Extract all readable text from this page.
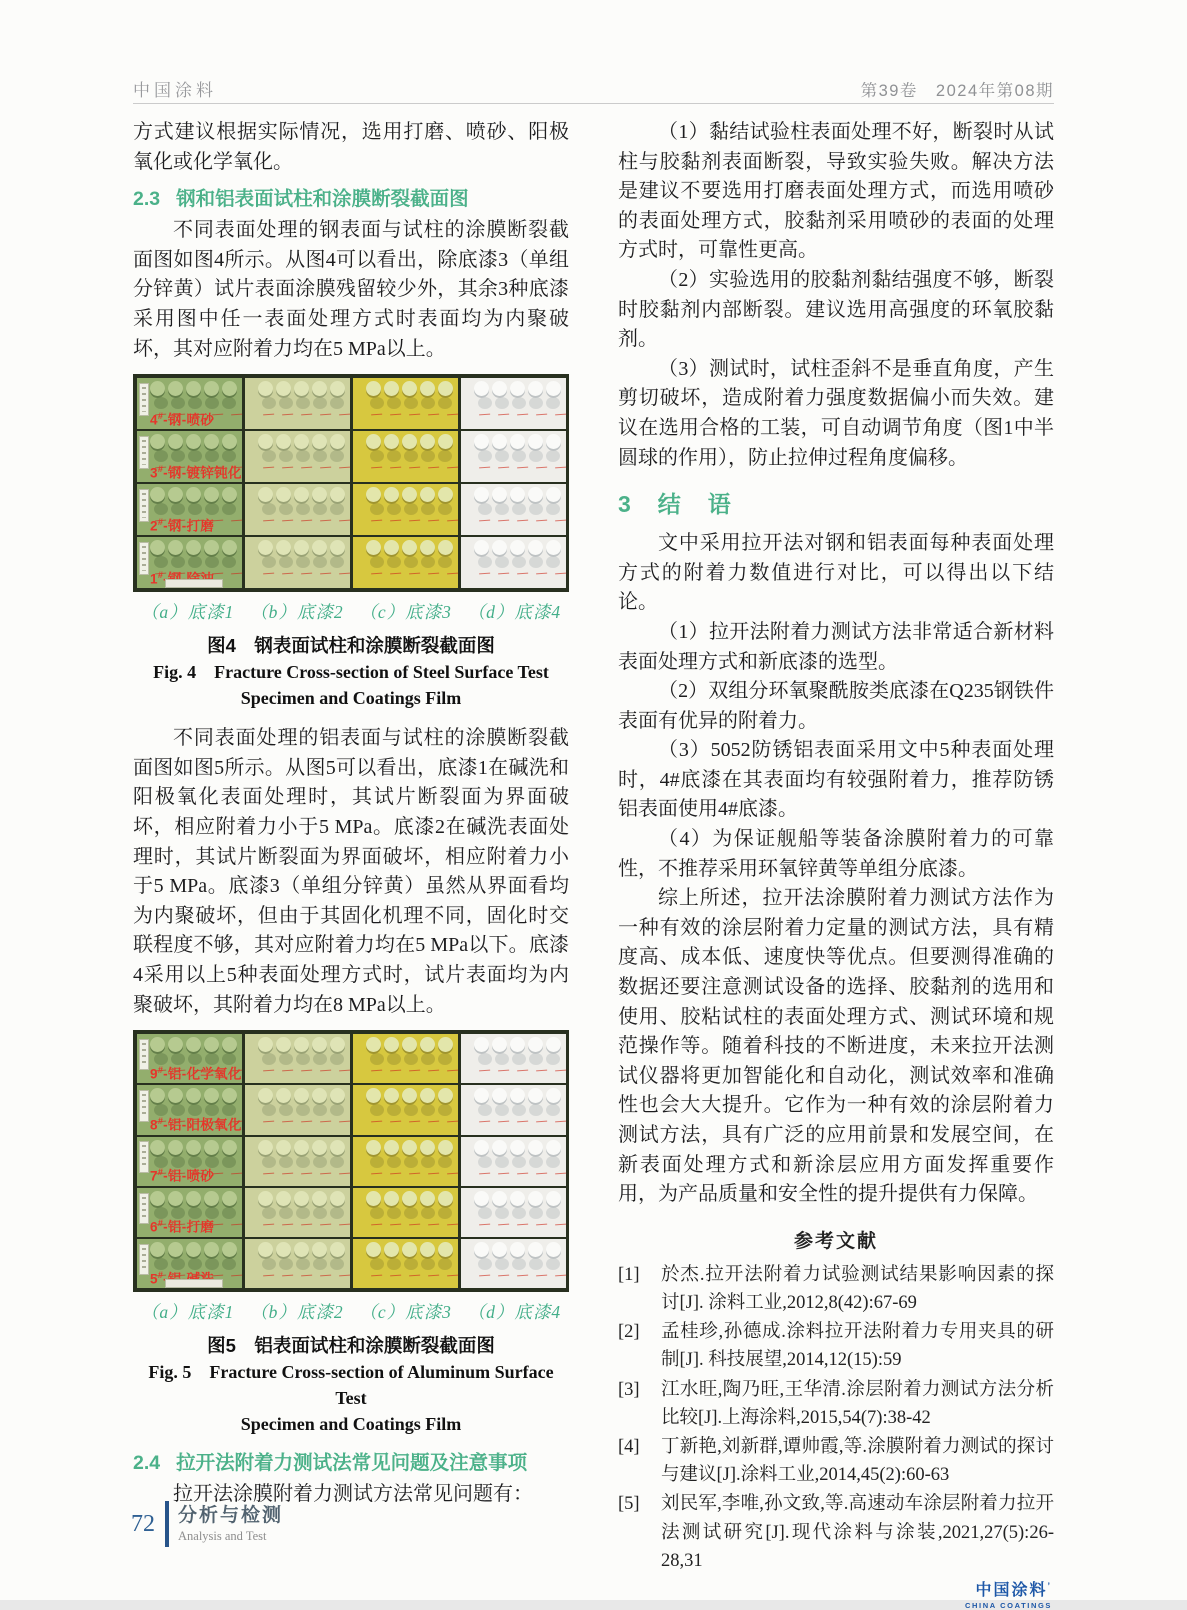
中国涂料	第39卷　2024年第08期

方式建议根据实际情况，选用打磨、喷砂、阳极氧化或化学氧化。

2.3 钢和铝表面试柱和涂膜断裂截面图

不同表面处理的钢表面与试柱的涂膜断裂截面图如图4所示。从图4可以看出，除底漆3（单组分锌黄）试片表面涂膜残留较少外，其余3种底漆采用图中任一表面处理方式时表面均为内聚破坏，其对应附着力均在5 MPa以上。

4#-钢-喷砂
3#-钢-镀锌钝化
2#-钢-打磨
1#
（a）底漆1 （b）底漆2 （c）底漆3 （d）底漆4
图4　钢表面试柱和涂膜断裂截面图
Fig. 4　Fracture Cross-section of Steel Surface Test
Specimen and Coatings Film

不同表面处理的铝表面与试柱的涂膜断裂截面图如图5所示。从图5可以看出，底漆1在碱洗和阳极氧化表面处理时，其试片断裂面为界面破坏，相应附着力小于5 MPa。底漆2在碱洗表面处理时，其试片断裂面为界面破坏，相应附着力小于5 MPa。底漆3（单组分锌黄）虽然从界面看均为内聚破坏，但由于其固化机理不同，固化时交联程度不够，其对应附着力均在5 MPa以下。底漆4采用以上5种表面处理方式时，试片表面均为内聚破坏，其附着力均在8 MPa以上。

9#-铝-化学氧化
8#-铝-阳极氧化
7#-铝-喷砂
6#-铝-打磨
5#
（a）底漆1 （b）底漆2 （c）底漆3 （d）底漆4
图5　铝表面试柱和涂膜断裂截面图
Fig. 5　Fracture Cross-section of Aluminum Surface Test
Specimen and Coatings Film
2.4 拉开法附着力测试法常见问题及注意事项

拉开法涂膜附着力测试方法常见问题有：

（1）黏结试验柱表面处理不好，断裂时从试柱与胶黏剂表面断裂，导致实验失败。解决方法是建议不要选用打磨表面处理方式，而选用喷砂的表面处理方式，胶黏剂采用喷砂的表面的处理方式时，可靠性更高。

（2）实验选用的胶黏剂黏结强度不够，断裂时胶黏剂内部断裂。建议选用高强度的环氧胶黏剂。

（3）测试时，试柱歪斜不是垂直角度，产生剪切破坏，造成附着力强度数据偏小而失效。建议在选用合格的工装，可自动调节角度（图1中半圆球的作用），防止拉伸过程角度偏移。

3　结　语

文中采用拉开法对钢和铝表面每种表面处理方式的附着力数值进行对比，可以得出以下结论。

（1）拉开法附着力测试方法非常适合新材料表面处理方式和新底漆的选型。

（2）双组分环氧聚酰胺类底漆在Q235钢铁件表面有优异的附着力。

（3）5052防锈铝表面采用文中5种表面处理时，4#底漆在其表面均有较强附着力，推荐防锈铝表面使用4#底漆。

（4）为保证舰船等装备涂膜附着力的可靠性，不推荐采用环氧锌黄等单组分底漆。

综上所述，拉开法涂膜附着力测试方法作为一种有效的涂层附着力定量的测试方法，具有精度高、成本低、速度快等优点。但要测得准确的数据还要注意测试设备的选择、胶黏剂的选用和使用、胶粘试柱的表面处理方式、测试环境和规范操作等。随着科技的不断进度，未来拉开法测试仪器将更加智能化和自动化，测试效率和准确性也会大大提升。它作为一种有效的涂层附着力测试方法，具有广泛的应用前景和发展空间，在新表面处理方式和新涂层应用方面发挥重要作用，为产品质量和安全性的提升提供有力保障。

参考文献
[1]	於杰.拉开法附着力试验测试结果影响因素的探讨[J]. 涂料工业,2012,8(42):67-69
[2]	孟桂珍,孙德成.涂料拉开法附着力专用夹具的研制[J]. 科技展望,2014,12(15):59
[3]	江水旺,陶乃旺,王华清.涂层附着力测试方法分析比较[J].上海涂料,2015,54(7):38-42
[4]	丁新艳,刘新群,谭帅霞,等.涂膜附着力测试的探讨与建议[J].涂料工业,2014,45(2):60-63
[5]	刘民军,李唯,孙文致,等.高速动车涂层附着力拉开法测试研究[J].现代涂料与涂装,2021,27(5):26-28,31
中国涂料 ’
CHINA COATINGS
72 分析与检测
Analysis and Test
